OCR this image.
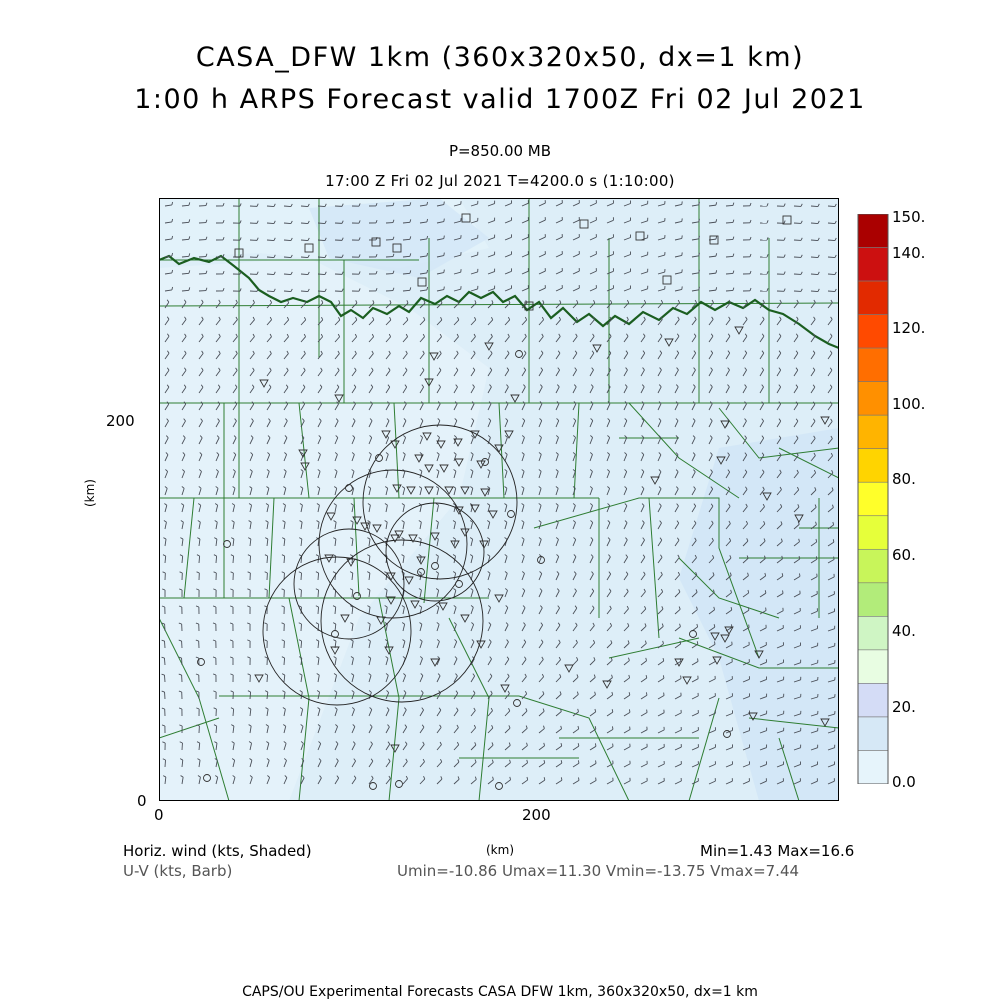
CASA_DFW 1km (360x320x50, dx=1 km)
1:00 h ARPS Forecast valid 1700Z Fri 02 Jul 2021
P=850.00 MB
17:00 Z Fri 02 Jul 2021 T=4200.0 s (1:10:00)
200
0
0	200
(km)
(km)
150.
140.
120.
100.
80.
60.
40.
20.
0.0
Horiz. wind (kts, Shaded)
U-V (kts, Barb)
Min=1.43 Max=16.6
Umin=-10.86 Umax=11.30 Vmin=-13.75 Vmax=7.44
CAPS/OU Experimental Forecasts CASA DFW 1km, 360x320x50, dx=1 km
